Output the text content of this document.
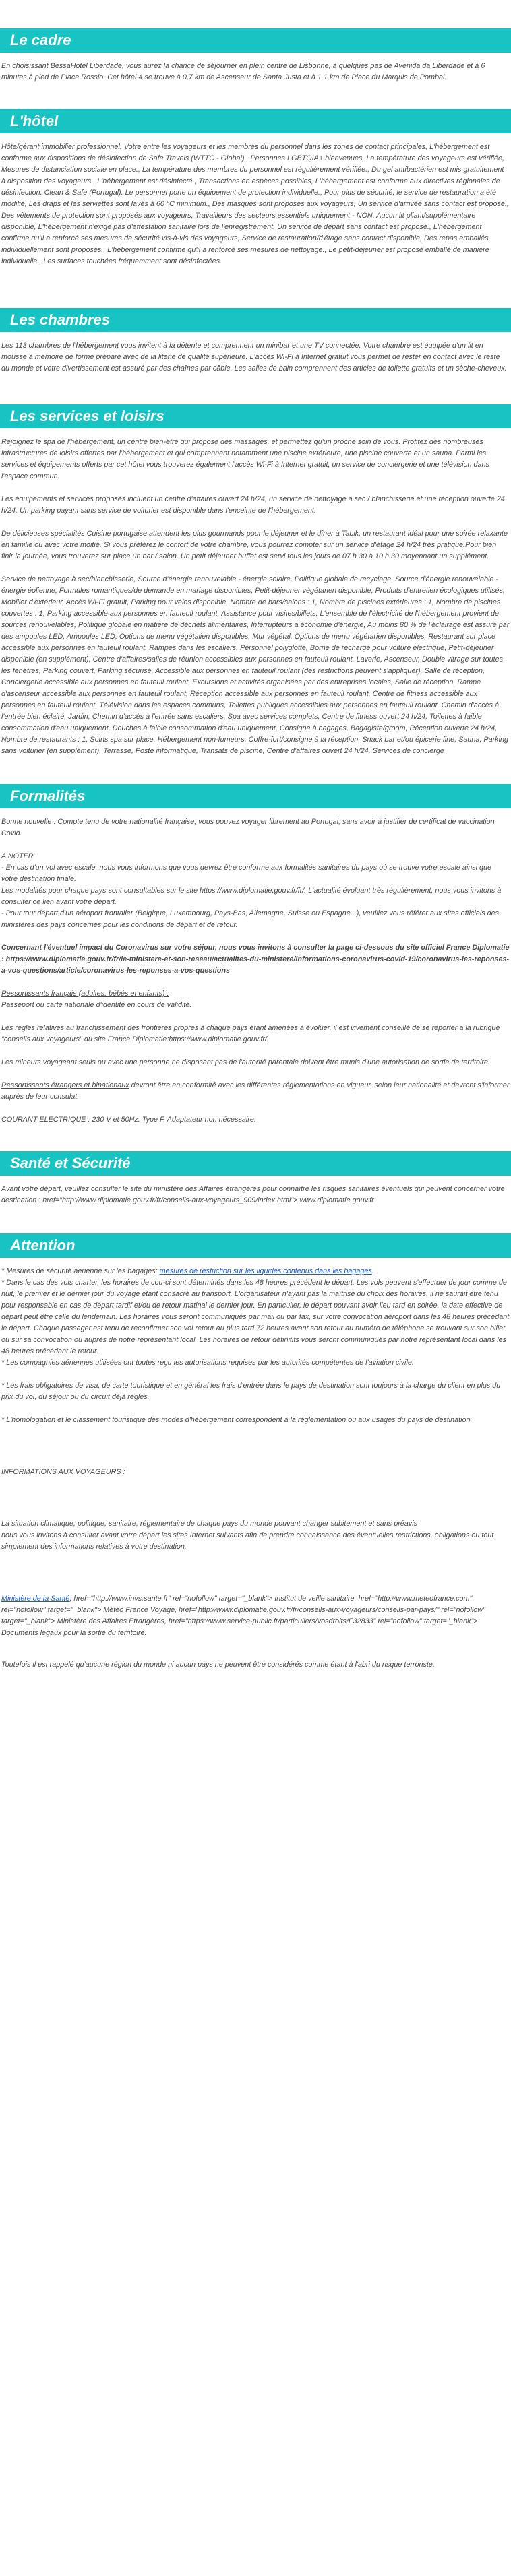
Le cadre

En choisissant BessaHotel Liberdade, vous aurez la chance de séjourner en plein centre de Lisbonne, à quelques pas de Avenida da Liberdade et à 6 minutes à pied de Place Rossio. Cet hôtel 4 se trouve à 0,7 km de Ascenseur de Santa Justa et à 1,1 km de Place du Marquis de Pombal.

L'hôtel

Hôte/gérant immobilier professionnel. Votre entre les voyageurs et les membres du personnel dans les zones de contact principales, L'hébergement est conforme aux dispositions de désinfection de Safe Travels (WTTC - Global)., Personnes LGBTQIA+ bienvenues, La température des voyageurs est vérifiée, Mesures de distanciation sociale en place., La température des membres du personnel est régulièrement vérifiée., Du gel antibactérien est mis gratuitement à disposition des voyageurs., L'hébergement est désinfecté., Transactions en espèces possibles, L'hébergement est conforme aux directives régionales de désinfection. Clean & Safe (Portugal). Le personnel porte un équipement de protection individuelle., Pour plus de sécurité, le service de restauration a été modifié, Les draps et les serviettes sont lavés à 60 °C minimum., Des masques sont proposés aux voyageurs, Un service d'arrivée sans contact est proposé., Des vêtements de protection sont proposés aux voyageurs, Travailleurs des secteurs essentiels uniquement - NON, Aucun lit pliant/supplémentaire disponible, L'hébergement n'exige pas d'attestation sanitaire lors de l'enregistrement, Un service de départ sans contact est proposé., L'hébergement confirme qu'il a renforcé ses mesures de sécurité vis-à-vis des voyageurs, Service de restauration/d'étage sans contact disponible, Des repas emballés individuellement sont proposés., L'hébergement confirme qu'il a renforcé ses mesures de nettoyage., Le petit-déjeuner est proposé emballé de manière individuelle., Les surfaces touchées fréquemment sont désinfectées.

Les chambres

Les 113 chambres de l'hébergement vous invitent à la détente et comprennent un minibar et une TV connectée. Votre chambre est équipée d'un lit en mousse à mémoire de forme préparé avec de la literie de qualité supérieure. L'accès Wi-Fi à Internet gratuit vous permet de rester en contact avec le reste du monde et votre divertissement est assuré par des chaînes par câble. Les salles de bain comprennent des articles de toilette gratuits et un sèche-cheveux.

Les services et loisirs

Rejoignez le spa de l'hébergement, un centre bien-être qui propose des massages, et permettez qu'un proche soin de vous. Profitez des nombreuses infrastructures de loisirs offertes par l'hébergement et qui comprennent notamment une piscine extérieure, une piscine couverte et un sauna. Parmi les services et équipements offerts par cet hôtel vous trouverez également l'accès Wi-Fi à Internet gratuit, un service de conciergerie et une télévision dans l'espace commun.

Les équipements et services proposés incluent un centre d'affaires ouvert 24 h/24, un service de nettoyage à sec / blanchisserie et une réception ouverte 24 h/24. Un parking payant sans service de voiturier est disponible dans l'enceinte de l'hébergement.

De délicieuses spécialités Cuisine portugaise attendent les plus gourmands pour le déjeuner et le dîner à Tabik, un restaurant idéal pour une soirée relaxante en famille ou avec votre moitié. Si vous préférez le confort de votre chambre, vous pourrez compter sur un service d'étage 24 h/24 très pratique.Pour bien finir la journée, vous trouverez sur place un bar / salon. Un petit déjeuner buffet est servi tous les jours de 07 h 30 à 10 h 30 moyennant un supplément.

Service de nettoyage à sec/blanchisserie, Source d'énergie renouvelable - énergie solaire, Politique globale de recyclage, Source d'énergie renouvelable - énergie éolienne, Formules romantiques/de demande en mariage disponibles, Petit-déjeuner végétarien disponible, Produits d'entretien écologiques utilisés, Mobilier d'extérieur, Accès Wi-Fi gratuit, Parking pour vélos disponible, Nombre de bars/salons : 1, Nombre de piscines extérieures : 1, Nombre de piscines couvertes : 1, Parking accessible aux personnes en fauteuil roulant, Assistance pour visites/billets, L'ensemble de l'électricité de l'hébergement provient de sources renouvelables, Politique globale en matière de déchets alimentaires, Interrupteurs à économie d'énergie, Au moins 80 % de l'éclairage est assuré par des ampoules LED, Ampoules LED, Options de menu végétalien disponibles, Mur végétal, Options de menu végétarien disponibles, Restaurant sur place accessible aux personnes en fauteuil roulant, Rampes dans les escaliers, Personnel polyglotte, Borne de recharge pour voiture électrique, Petit-déjeuner disponible (en supplément), Centre d'affaires/salles de réunion accessibles aux personnes en fauteuil roulant, Laverie, Ascenseur, Double vitrage sur toutes les fenêtres, Parking couvert, Parking sécurisé, Accessible aux personnes en fauteuil roulant (des restrictions peuvent s'appliquer), Salle de réception, Conciergerie accessible aux personnes en fauteuil roulant, Excursions et activités organisées par des entreprises locales, Salle de réception, Rampe d'ascenseur accessible aux personnes en fauteuil roulant, Réception accessible aux personnes en fauteuil roulant, Centre de fitness accessible aux personnes en fauteuil roulant, Télévision dans les espaces communs, Toilettes publiques accessibles aux personnes en fauteuil roulant, Chemin d'accès à l'entrée bien éclairé, Jardin, Chemin d'accès à l'entrée sans escaliers, Spa avec services complets, Centre de fitness ouvert 24 h/24, Toilettes à faible consommation d'eau uniquement, Douches à faible consommation d'eau uniquement, Consigne à bagages, Bagagiste/groom, Réception ouverte 24 h/24, Nombre de restaurants : 1, Soins spa sur place, Hébergement non-fumeurs, Coffre-fort/consigne à la réception, Snack bar et/ou épicerie fine, Sauna, Parking sans voiturier (en supplément), Terrasse, Poste informatique, Transats de piscine, Centre d'affaires ouvert 24 h/24, Services de concierge

Formalités

Bonne nouvelle : Compte tenu de votre nationalité française, vous pouvez voyager librement au Portugal, sans avoir à justifier de certificat de vaccination Covid.

A NOTER

- En cas d'un vol avec escale, nous vous informons que vous devrez être conforme aux formalités sanitaires du pays où se trouve votre escale ainsi que votre destination finale.

Les modalités pour chaque pays sont consultables sur le site https://www.diplomatie.gouv.fr/fr/. L'actualité évoluant très régulièrement, nous vous invitons à consulter ce lien avant votre départ.

- Pour tout départ d'un aéroport frontalier (Belgique, Luxembourg, Pays-Bas, Allemagne, Suisse ou Espagne...), veuillez vous référer aux sites officiels des ministères des pays concernés pour les conditions de départ et de retour.

Concernant l'éventuel impact du Coronavirus sur votre séjour, nous vous invitons à consulter la page ci-dessous du site officiel France Diplomatie : https://www.diplomatie.gouv.fr/fr/le-ministere-et-son-reseau/actualites-du-ministere/informations-coronavirus-covid-19/coronavirus-les-reponses-a-vos-questions/article/coronavirus-les-reponses-a-vos-questions

Ressortissants français (adultes, bébés et enfants) :

Passeport ou carte nationale d'identité en cours de validité.

Les règles relatives au franchissement des frontières propres à chaque pays étant amenées à évoluer, il est vivement conseillé de se reporter à la rubrique "conseils aux voyageurs" du site France Diplomatie:https://www.diplomatie.gouv.fr/.

Les mineurs voyageant seuls ou avec une personne ne disposant pas de l'autorité parentale doivent être munis d'une autorisation de sortie de territoire.

Ressortissants étrangers et binationaux devront être en conformité avec les différentes réglementations en vigueur, selon leur nationalité et devront s'informer auprès de leur consulat.

COURANT ELECTRIQUE : 230 V et 50Hz. Type F. Adaptateur non nécessaire.

Santé et Sécurité

Avant votre départ, veuillez consulter le site du ministère des Affaires étrangères pour connaître les risques sanitaires éventuels qui peuvent concerner votre destination : href="http://www.diplomatie.gouv.fr/fr/conseils-aux-voyageurs_909/index.html"> www.diplomatie.gouv.fr

Attention

* Mesures de sécurité aérienne sur les bagages: mesures de restriction sur les liquides contenus dans les bagages.

* Dans le cas des vols charter, les horaires de cou-ci sont déterminés dans les 48 heures précédent le départ. Les vols peuvent s'effectuer de jour comme de nuit, le premier et le dernier jour du voyage étant consacré au transport. L'organisateur n'ayant pas la maîtrise du choix des horaires, il ne saurait être tenu pour responsable en cas de départ tardif et/ou de retour matinal le dernier jour. En particulier, le départ pouvant avoir lieu tard en soirée, la date effective de départ peut être celle du lendemain. Les horaires vous seront communiqués par mail ou par fax, sur votre convocation aéroport dans les 48 heures précédant le départ. Chaque passager est tenu de reconfirmer son vol retour au plus tard 72 heures avant son retour au numéro de téléphone se trouvant sur son billet ou sur sa convocation ou auprès de notre représentant local. Les horaires de retour définitifs vous seront communiqués par notre représentant local dans les 48 heures précédant le retour.

* Les compagnies aériennes utilisées ont toutes reçu les autorisations requises par les autorités compétentes de l'aviation civile.

* Les frais obligatoires de visa, de carte touristique et en général les frais d'entrée dans le pays de destination sont toujours à la charge du client en plus du prix du vol, du séjour ou du circuit déjà réglés.

* L'homologation et le classement touristique des modes d'hébergement correspondent à la réglementation ou aux usages du pays de destination.

INFORMATIONS AUX VOYAGEURS :

La situation climatique, politique, sanitaire, réglementaire de chaque pays du monde pouvant changer subitement et sans préavis

nous vous invitons à consulter avant votre départ les sites Internet suivants afin de prendre connaissance des éventuelles restrictions, obligations ou tout simplement des informations relatives à votre destination.

Ministère de la Santé, href="http://www.invs.sante.fr" rel="nofollow" target="_blank"> Institut de veille sanitaire, href="http://www.meteofrance.com" rel="nofollow" target="_blank"> Météo France Voyage, href="http://www.diplomatie.gouv.fr/fr/conseils-aux-voyageurs/conseils-par-pays/" rel="nofollow" target="_blank"> Ministère des Affaires Etrangères, href="https://www.service-public.fr/particuliers/vosdroits/F32833" rel="nofollow" target="_blank"> Documents légaux pour la sortie du territoire.

Toutefois il est rappelé qu'aucune région du monde ni aucun pays ne peuvent être considérés comme étant à l'abri du risque terroriste.
